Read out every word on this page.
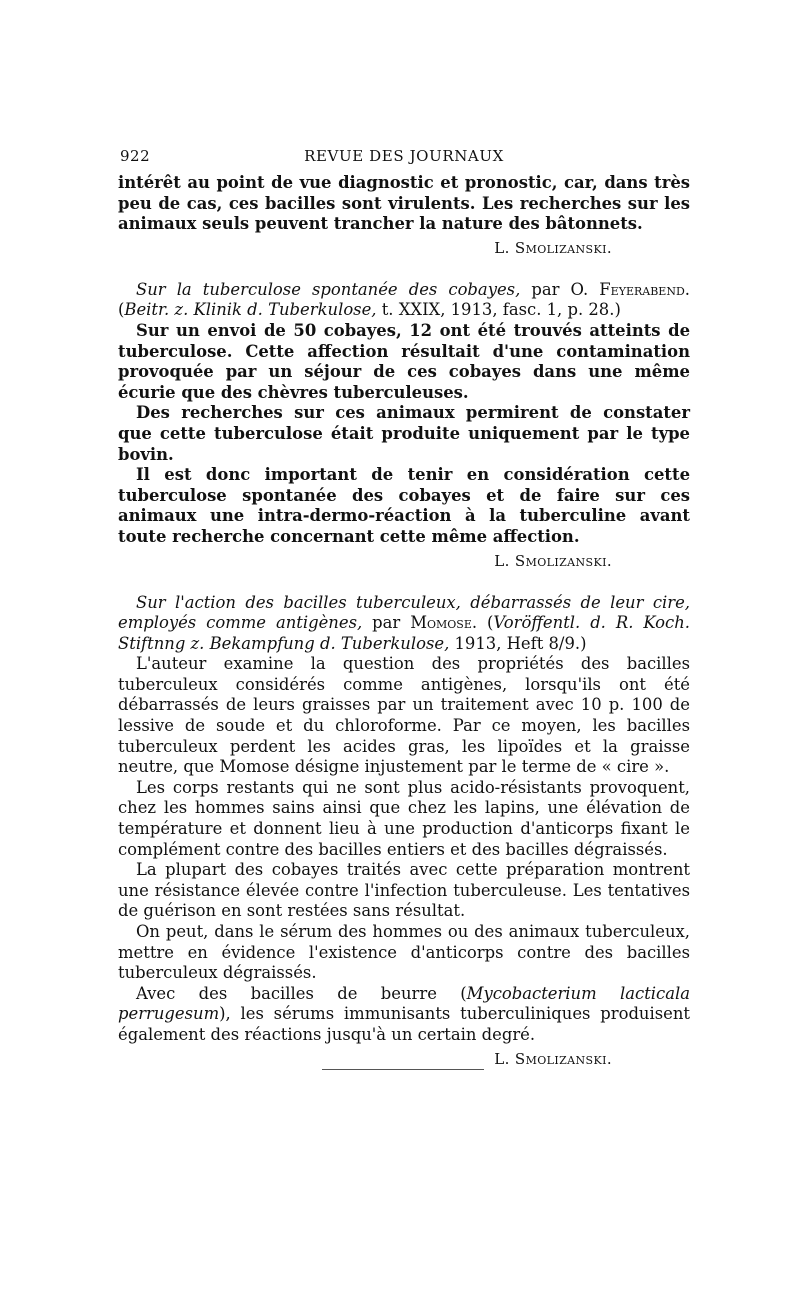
922	REVUE DES JOURNAUX

intérêt au point de vue diagnostic et pronostic, car, dans très peu de cas, ces bacilles sont virulents. Les recherches sur les animaux seuls peuvent trancher la nature des bâtonnets.

L. Smolizanski.

Sur la tuberculose spontanée des cobayes, par O. Feyerabend. (Beitr. z. Klinik d. Tuberkulose, t. XXIX, 1913, fasc. 1, p. 28.)

Sur un envoi de 50 cobayes, 12 ont été trouvés atteints de tuberculose. Cette affection résultait d'une contamination provoquée par un séjour de ces cobayes dans une même écurie que des chèvres tuberculeuses.

Des recherches sur ces animaux permirent de constater que cette tuberculose était produite uniquement par le type bovin.

Il est donc important de tenir en considération cette tuberculose spontanée des cobayes et de faire sur ces animaux une intra-dermo-réaction à la tuberculine avant toute recherche concernant cette même affection.

L. Smolizanski.

Sur l'action des bacilles tuberculeux, débarrassés de leur cire, employés comme antigènes, par Momose. (Voröffentl. d. R. Koch. Stiftnng z. Bekampfung d. Tuberkulose, 1913, Heft 8/9.)

L'auteur examine la question des propriétés des bacilles tuberculeux considérés comme antigènes, lorsqu'ils ont été débarrassés de leurs graisses par un traitement avec 10 p. 100 de lessive de soude et du chloroforme. Par ce moyen, les bacilles tuberculeux perdent les acides gras, les lipoïdes et la graisse neutre, que Momose désigne injustement par le terme de « cire ».

Les corps restants qui ne sont plus acido-résistants provoquent, chez les hommes sains ainsi que chez les lapins, une élévation de température et donnent lieu à une production d'anticorps fixant le complément contre des bacilles entiers et des bacilles dégraissés.

La plupart des cobayes traités avec cette préparation montrent une résistance élevée contre l'infection tuberculeuse. Les tentatives de guérison en sont restées sans résultat.

On peut, dans le sérum des hommes ou des animaux tuberculeux, mettre en évidence l'existence d'anticorps contre des bacilles tuberculeux dégraissés.

Avec des bacilles de beurre (Mycobacterium lacticala perrugesum), les sérums immunisants tuberculiniques produisent également des réactions jusqu'à un certain degré.

L. Smolizanski.
